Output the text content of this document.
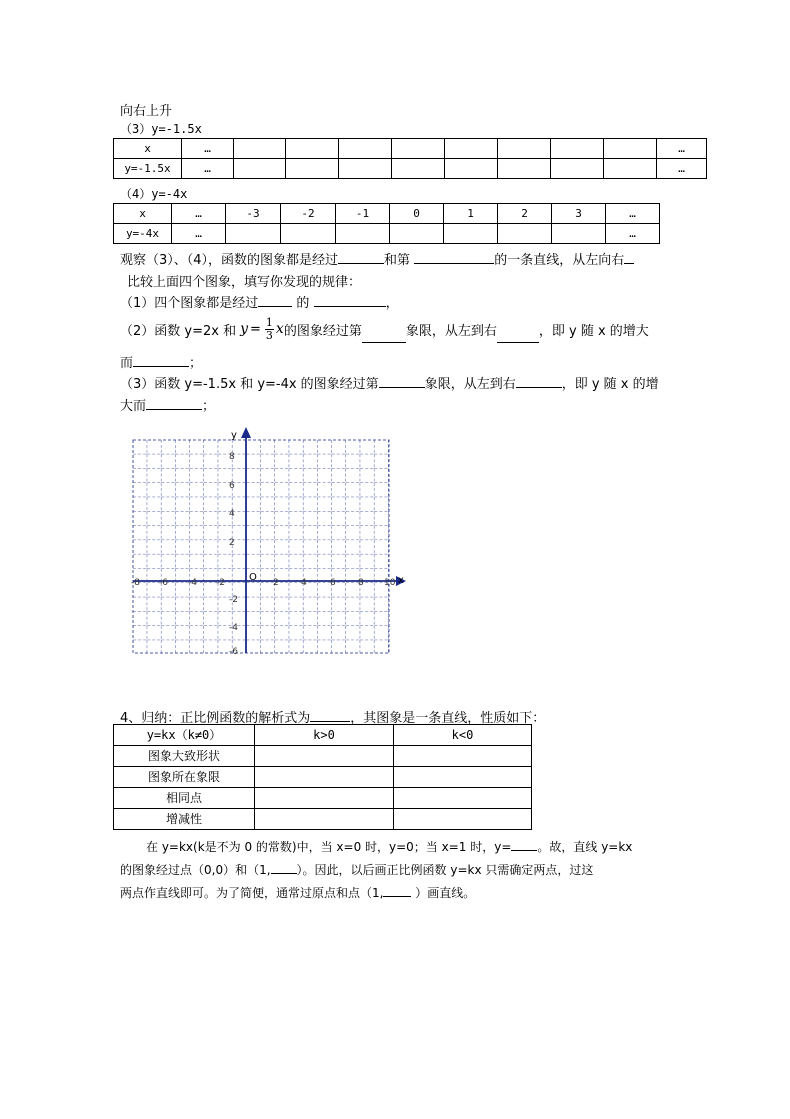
向右上升
（3）y=-1.5x
x	…									…
y=-1.5x	…									…
（4）y=-4x
x	…	-3	-2	-1	0	1	2	3	…
y=-4x	…								…
观察（3）、（4），函数的图象都是经过	和第	的一条直线，从左向右
比较上面四个图象，填写你发现的规律：
（1）四个图象都是经过	的	，
（2）函数 y=2x 和 $y = \frac{1}{3}$ x 的图象经过第	象限，从左到右	，即 y 随 x 的增大
而	；
（3）函数 y=-1.5x 和 y=-4x 的图象经过第	象限，从左到右	，即 y 随 x 的增
大而	；
y
x
O
8
6
4
2
-2
-4
-6
-8 -6 -4 -2	2 4	6 8 10
4、归纳：正比例函数的解析式为	，其图象是一条直线，性质如下：
y=kx（k≠0）	k>0	k<0
图象大致形状		
图象所在象限		
相同点		
增减性		
在 y=kx(k是不为 0 的常数)中，当 x=0 时，y=0；当 x=1 时，y= 。故，直线 y=kx
的图象经过点（0,0）和（1, ）。因此，以后画正比例函数 y=kx 只需确定两点，过这
两点作直线即可。为了简便，通常过原点和点（1,	）画直线。
